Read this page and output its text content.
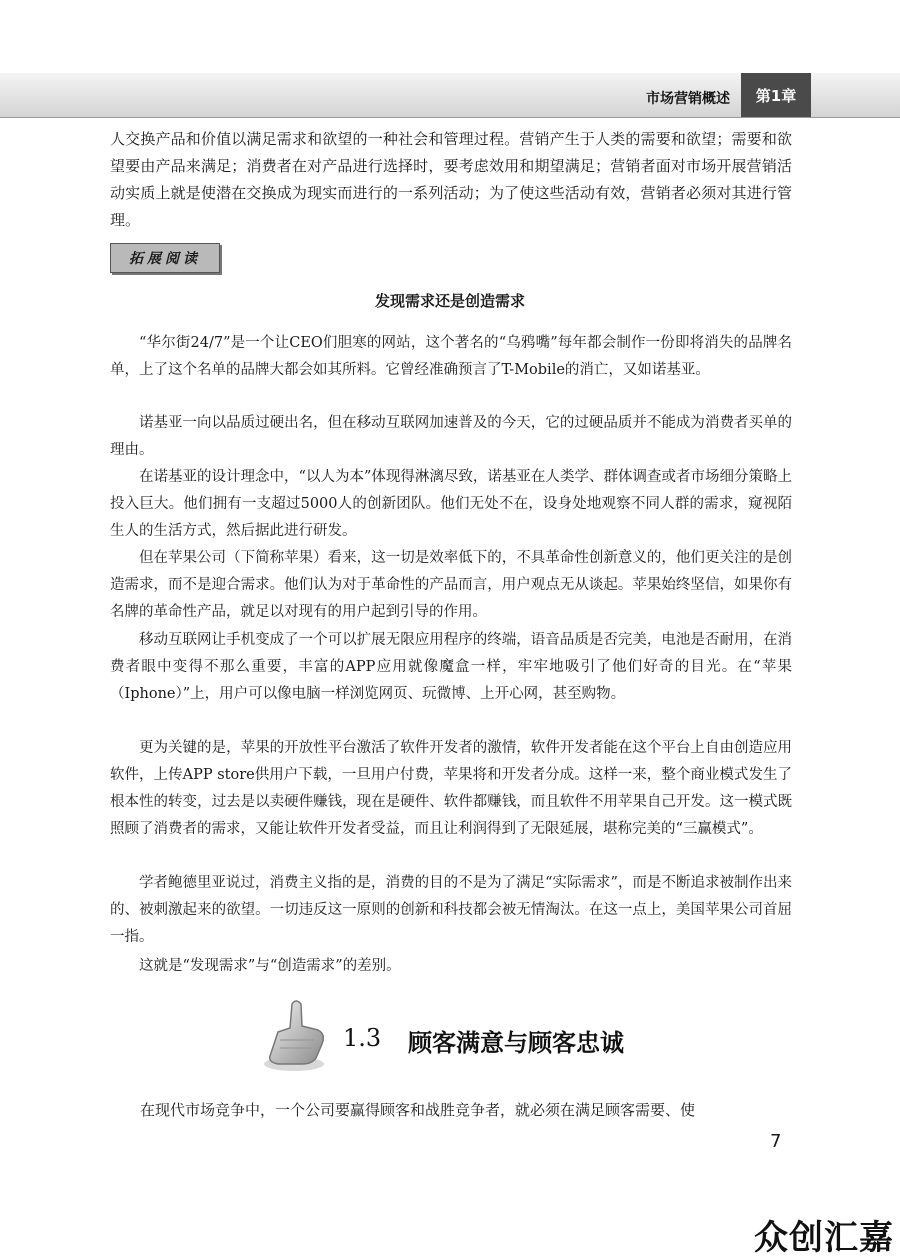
市场营销概述	第1章

人交换产品和价值以满足需求和欲望的一种社会和管理过程。营销产生于人类的需要和欲望；需要和欲望要由产品来满足；消费者在对产品进行选择时，要考虑效用和期望满足；营销者面对市场开展营销活动实质上就是使潜在交换成为现实而进行的一系列活动；为了使这些活动有效，营销者必须对其进行管理。

拓展阅读
发现需求还是创造需求

“华尔街24/7”是一个让CEO们胆寒的网站，这个著名的“乌鸦嘴”每年都会制作一份即将消失的品牌名单，上了这个名单的品牌大都会如其所料。它曾经准确预言了T-Mobile的消亡，又如诺基亚。

诺基亚一向以品质过硬出名，但在移动互联网加速普及的今天，它的过硬品质并不能成为消费者买单的理由。

在诺基亚的设计理念中，“以人为本”体现得淋漓尽致，诺基亚在人类学、群体调查或者市场细分策略上投入巨大。他们拥有一支超过5000人的创新团队。他们无处不在，设身处地观察不同人群的需求，窥视陌生人的生活方式，然后据此进行研发。

但在苹果公司（下简称苹果）看来，这一切是效率低下的，不具革命性创新意义的，他们更关注的是创造需求，而不是迎合需求。他们认为对于革命性的产品而言，用户观点无从谈起。苹果始终坚信，如果你有名牌的革命性产品，就足以对现有的用户起到引导的作用。

移动互联网让手机变成了一个可以扩展无限应用程序的终端，语音品质是否完美，电池是否耐用，在消费者眼中变得不那么重要，丰富的APP应用就像魔盒一样，牢牢地吸引了他们好奇的目光。在“苹果（Iphone）”上，用户可以像电脑一样浏览网页、玩微博、上开心网，甚至购物。

更为关键的是，苹果的开放性平台激活了软件开发者的激情，软件开发者能在这个平台上自由创造应用软件，上传APP store供用户下载，一旦用户付费，苹果将和开发者分成。这样一来，整个商业模式发生了根本性的转变，过去是以卖硬件赚钱，现在是硬件、软件都赚钱，而且软件不用苹果自己开发。这一模式既照顾了消费者的需求，又能让软件开发者受益，而且让利润得到了无限延展，堪称完美的“三赢模式”。

学者鲍德里亚说过，消费主义指的是，消费的目的不是为了满足“实际需求”，而是不断追求被制作出来的、被刺激起来的欲望。一切违反这一原则的创新和科技都会被无情淘汰。在这一点上，美国苹果公司首屈一指。

这就是“发现需求”与“创造需求”的差别。

1.3 顾客满意与顾客忠诚

在现代市场竞争中，一个公司要赢得顾客和战胜竞争者，就必须在满足顾客需要、使

7
众创汇嘉
